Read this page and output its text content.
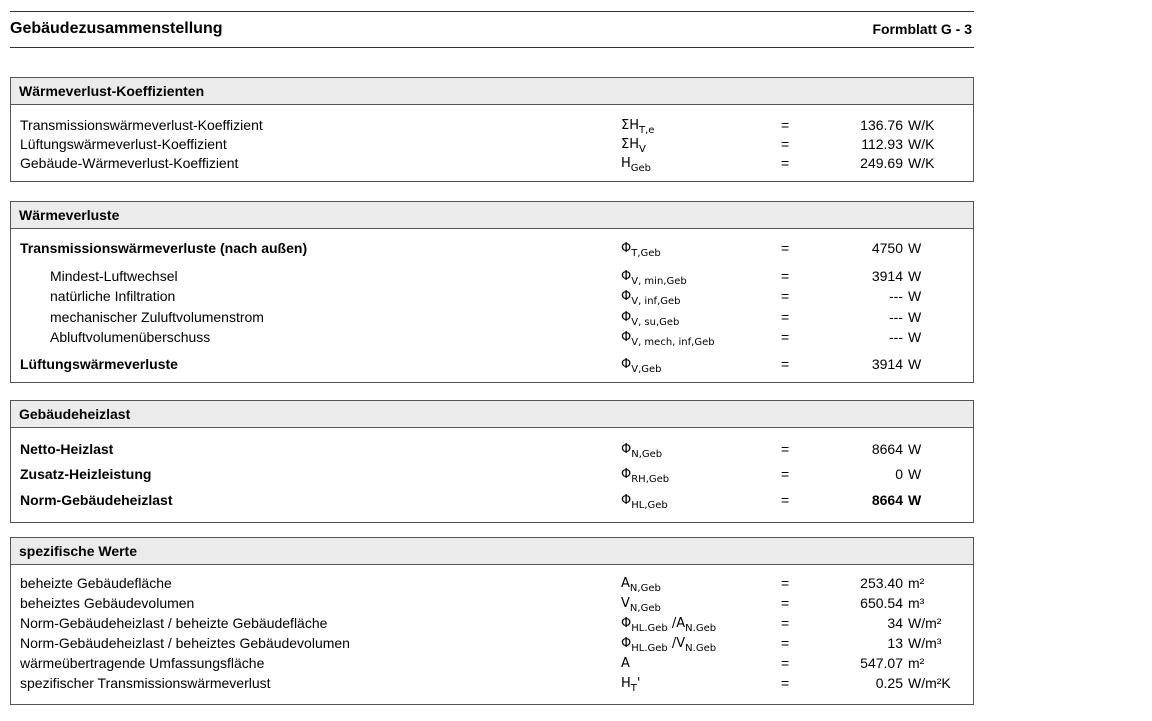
Gebäudezusammenstellung	Formblatt G - 3
Wärmeverlust-Koeffizienten
Transmissionswärmeverlust-Koeffizient	$\Sigma H_{T,e}$	=	136.76 W/K
Lüftungswärmeverlust-Koeffizient	$\Sigma H_V$	=	112.93 W/K
Gebäude-Wärmeverlust-Koeffizient	$H_{Geb}$	=	249.69 W/K
Wärmeverluste
Transmissionswärmeverluste (nach außen)	$\Phi_{T,Geb}$	=	4750 W
Mindest-Luftwechsel	$\Phi_{V, min,Geb}$	=	3914 W
natürliche Infiltration	$\Phi_{V, inf,Geb}$	=	--- W
mechanischer Zuluftvolumenstrom	$\Phi_{V, su,Geb}$	=	--- W
Abluftvolumenüberschuss	$\Phi_{V, mech, inf,Geb}$	=	--- W
Lüftungswärmeverluste	$\Phi_{V,Geb}$	=	3914 W
Gebäudeheizlast
Netto-Heizlast	$\Phi_{N,Geb}$	=	8664 W
Zusatz-Heizleistung	$\Phi_{RH,Geb}$	=	0 W
Norm-Gebäudeheizlast	$\Phi_{HL,Geb}$	=	8664 W
spezifische Werte
beheizte Gebäudefläche	$A_{N,Geb}$	=	253.40 m²
beheiztes Gebäudevolumen	$V_{N,Geb}$	=	650.54 m³
Norm-Gebäudeheizlast / beheizte Gebäudefläche	$\Phi_{HL.Geb}$ $/A_{N.Geb}$	=	34 W/m²
Norm-Gebäudeheizlast / beheiztes Gebäudevolumen	$\Phi_{HL.Geb}$ $/V_{N.Geb}$	=	13 W/m³
wärmeübertragende Umfassungsfläche	A	=	547.07 m²
spezifischer Transmissionswärmeverlust	$H_T'$	=	0.25 W/m²K
